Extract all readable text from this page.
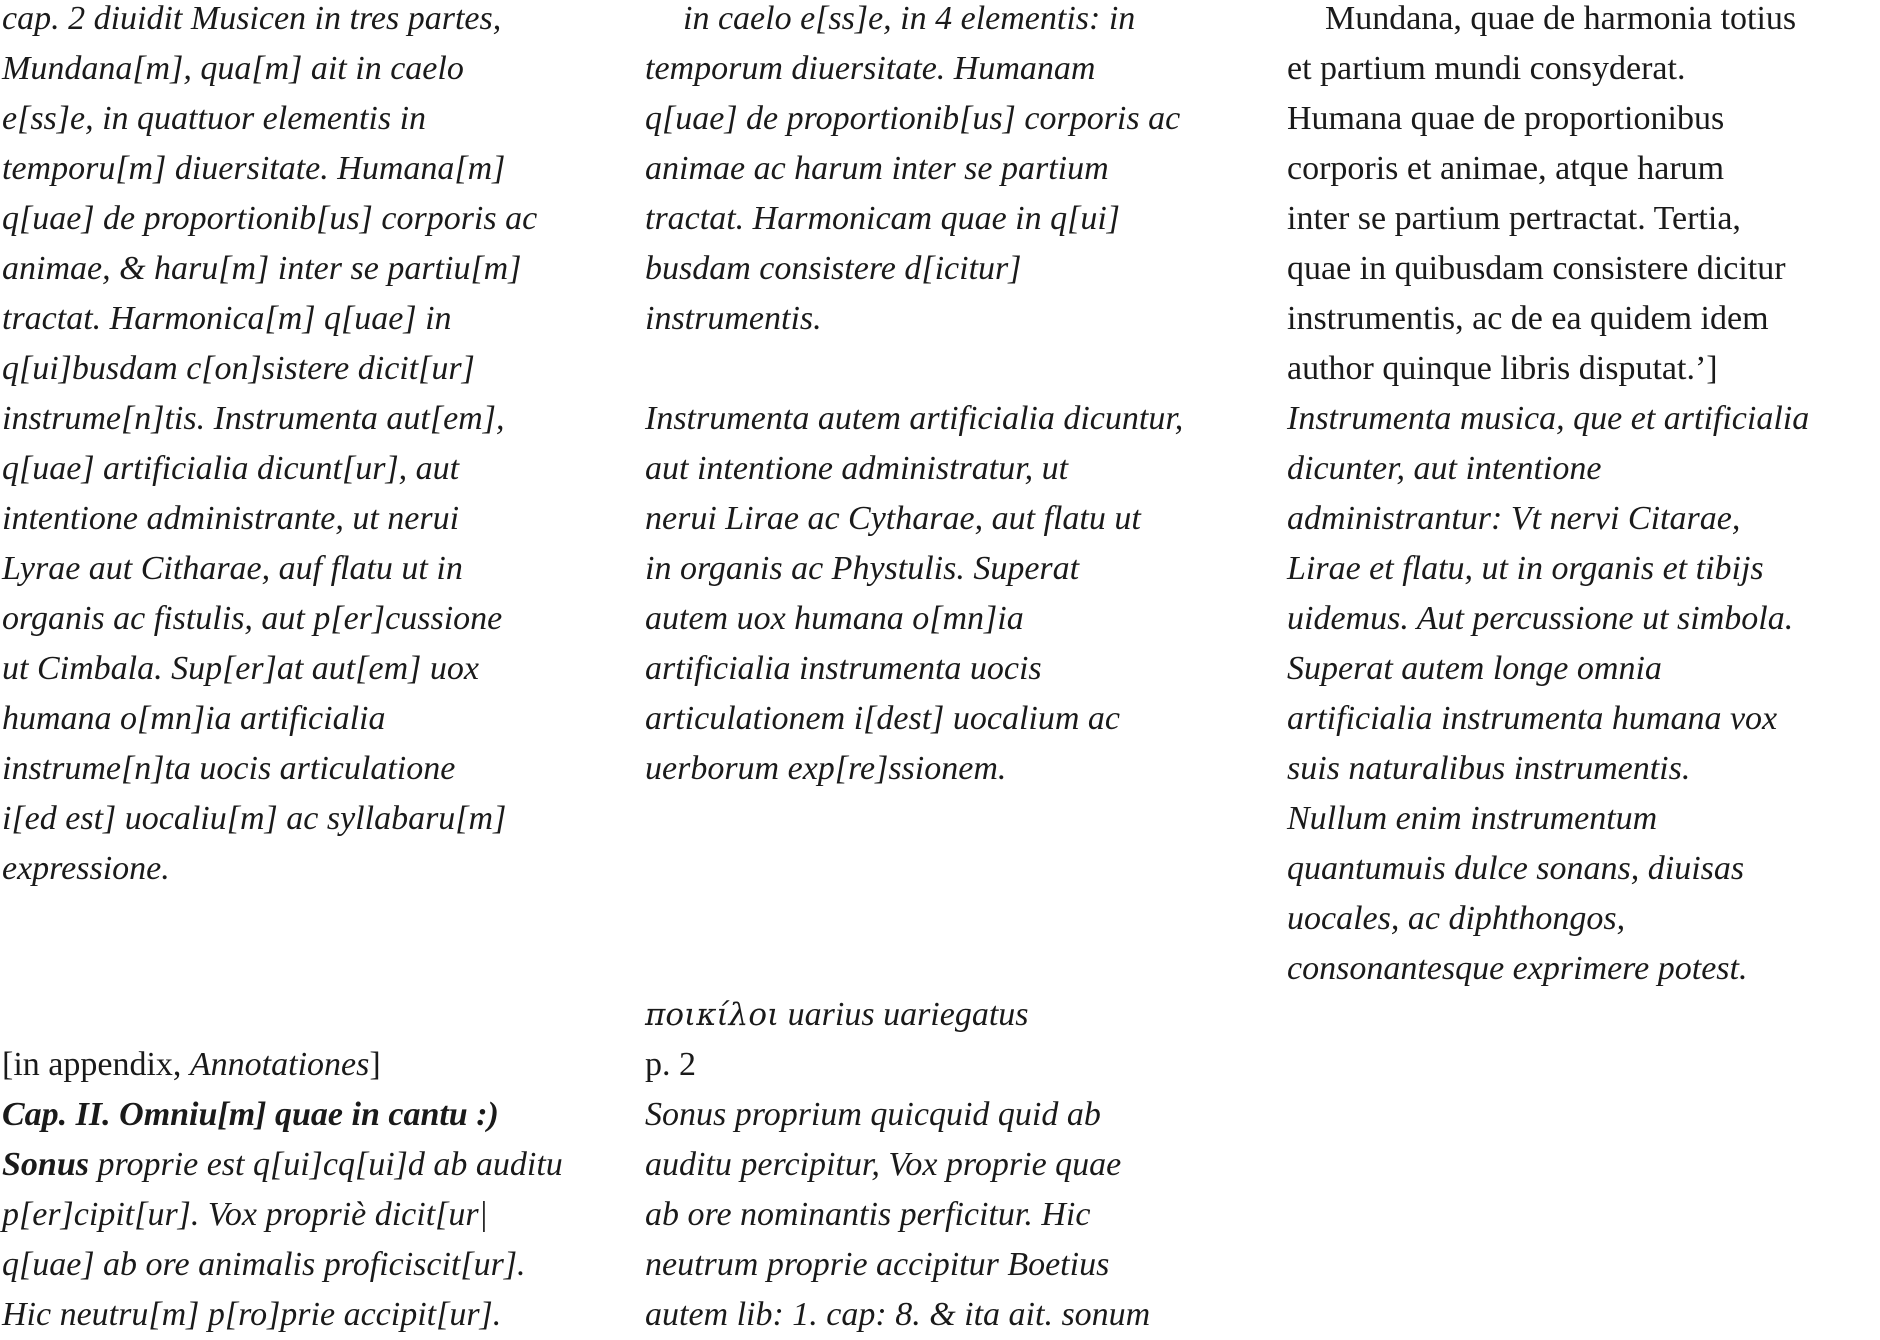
cap. 2 diuidit Musicen in tres partes,
Mundana[m], qua[m] ait in caelo
e[ss]e, in quattuor elementis in
temporu[m] diuersitate. Humana[m]
q[uae] de proportionib[us] corporis ac
animae, & haru[m] inter se partiu[m]
tractat. Harmonica[m] q[uae] in
q[ui]busdam c[on]sistere dicit[ur]
instrume[n]tis. Instrumenta aut[em],
q[uae] artificialia dicunt[ur], aut
intentione administrante, ut nerui
Lyrae aut Citharae, auf flatu ut in
organis ac fistulis, aut p[er]cussione
ut Cimbala. Sup[er]at aut[em] uox
humana o[mn]ia artificialia
instrume[n]ta uocis articulatione
i[ed est] uocaliu[m] ac syllabaru[m]
expressione.
[in appendix, Annotationes]
Cap. II. Omniu[m] quae in cantu :)
Sonus proprie est q[ui]cq[ui]d ab auditu
p[er]cipit[ur]. Vox propriè dicit[ur|
q[uae] ab ore animalis proficiscit[ur].
Hic neutru[m] p[ro]prie accipit[ur].
in caelo e[ss]e, in 4 elementis: in
temporum diuersitate. Humanam
q[uae] de proportionib[us] corporis ac
animae ac harum inter se partium
tractat. Harmonicam quae in q[ui]
busdam consistere d[icitur]
instrumentis.
Instrumenta autem artificialia dicuntur,
aut intentione administratur, ut
nerui Lirae ac Cytharae, aut flatu ut
in organis ac Phystulis. Superat
autem uox humana o[mn]ia
artificialia instrumenta uocis
articulationem i[dest] uocalium ac
uerborum exp[re]ssionem.
ποικίλοι uarius uariegatus
p. 2
Sonus proprium quicquid quid ab
auditu percipitur, Vox proprie quae
ab ore nominantis perficitur. Hic
neutrum proprie accipitur Boetius
autem lib: 1. cap: 8. & ita ait. sonum
Mundana, quae de harmonia totius
et partium mundi consyderat.
Humana quae de proportionibus
corporis et animae, atque harum
inter se partium pertractat. Tertia,
quae in quibusdam consistere dicitur
instrumentis, ac de ea quidem idem
author quinque libris disputat.’]
Instrumenta musica, que et artificialia
dicunter, aut intentione
administrantur: Vt nervi Citarae,
Lirae et flatu, ut in organis et tibijs
uidemus. Aut percussione ut simbola.
Superat autem longe omnia
artificialia instrumenta humana vox
suis naturalibus instrumentis.
Nullum enim instrumentum
quantumuis dulce sonans, diuisas
uocales, ac diphthongos,
consonantesque exprimere potest.
